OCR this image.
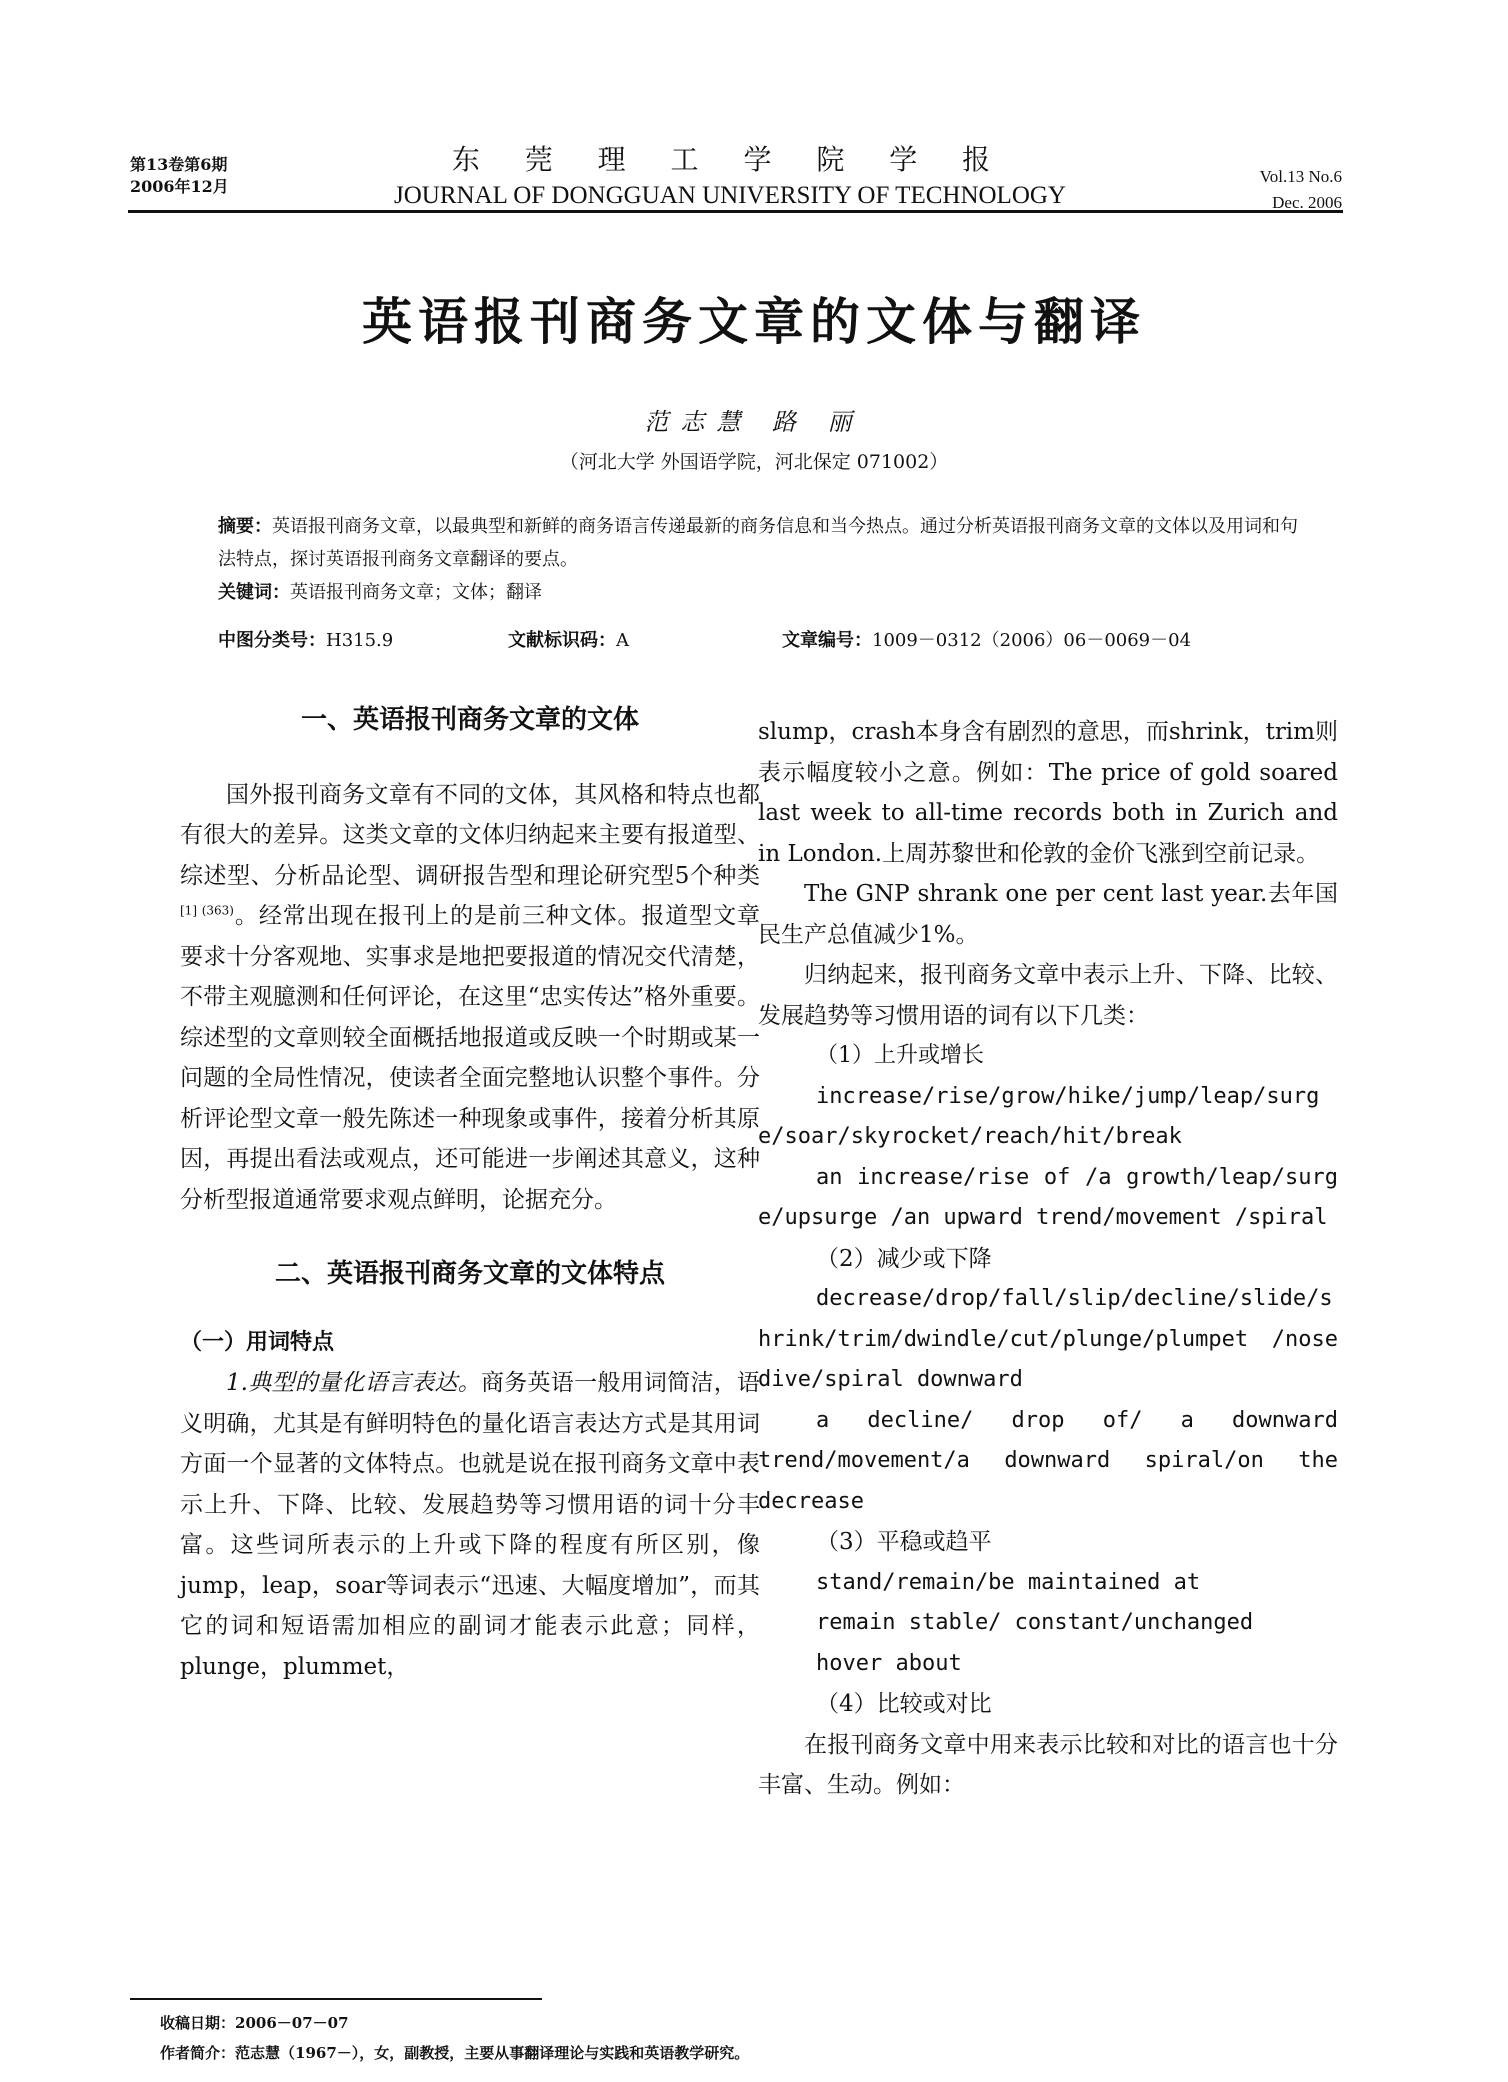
第13卷第6期
2006年12月
东 莞 理 工 学 院 学 报
JOURNAL OF DONGGUAN UNIVERSITY OF TECHNOLOGY
Vol.13 No.6
Dec. 2006
英语报刊商务文章的文体与翻译
范志慧 路 丽
（河北大学 外国语学院，河北保定 071002）
摘要：英语报刊商务文章，以最典型和新鲜的商务语言传递最新的商务信息和当今热点。通过分析英语报刊商务文章的文体以及用词和句法特点，探讨英语报刊商务文章翻译的要点。
关键词：英语报刊商务文章；文体；翻译
中图分类号：H315.9	文献标识码：A	文章编号：1009－0312（2006）06－0069－04
一、英语报刊商务文章的文体

国外报刊商务文章有不同的文体，其风格和特点也都有很大的差异。这类文章的文体归纳起来主要有报道型、综述型、分析品论型、调研报告型和理论研究型5个种类$^{[1] (363)}$。经常出现在报刊上的是前三种文体。报道型文章要求十分客观地、实事求是地把要报道的情况交代清楚，不带主观臆测和任何评论，在这里“忠实传达”格外重要。综述型的文章则较全面概括地报道或反映一个时期或某一问题的全局性情况，使读者全面完整地认识整个事件。分析评论型文章一般先陈述一种现象或事件，接着分析其原因，再提出看法或观点，还可能进一步阐述其意义，这种分析型报道通常要求观点鲜明，论据充分。

二、英语报刊商务文章的文体特点
（一）用词特点

1.典型的量化语言表达。商务英语一般用词简洁，语义明确，尤其是有鲜明特色的量化语言表达方式是其用词方面一个显著的文体特点。也就是说在报刊商务文章中表示上升、下降、比较、发展趋势等习惯用语的词十分丰富。这些词所表示的上升或下降的程度有所区别，像jump，leap，soar等词表示“迅速、大幅度增加”，而其它的词和短语需加相应的副词才能表示此意；同样，plunge，plummet，

slump，crash本身含有剧烈的意思，而shrink，trim则表示幅度较小之意。例如：The price of gold soared last week to all-time records both in Zurich and in London.上周苏黎世和伦敦的金价飞涨到空前记录。

The GNP shrank one per cent last year.去年国民生产总值减少1%。

归纳起来，报刊商务文章中表示上升、下降、比较、发展趋势等习惯用语的词有以下几类：

（1）上升或增长

increase/rise/grow/hike/jump/leap/surge/soar/skyrocket/reach/hit/break

an increase/rise of /a growth/leap/surge/upsurge /an upward trend/movement /spiral

（2）减少或下降

decrease/drop/fall/slip/decline/slide/shrink/trim/dwindle/cut/plunge/plumpet /nosedive/spiral downward

a decline/ drop of/ a downward trend/movement/a downward spiral/on the decrease

（3）平稳或趋平

stand/remain/be maintained at

remain stable/ constant/unchanged

hover about

（4）比较或对比

在报刊商务文章中用来表示比较和对比的语言也十分丰富、生动。例如：

收稿日期：2006－07－07
作者简介：范志慧（1967－），女，副教授，主要从事翻译理论与实践和英语教学研究。
